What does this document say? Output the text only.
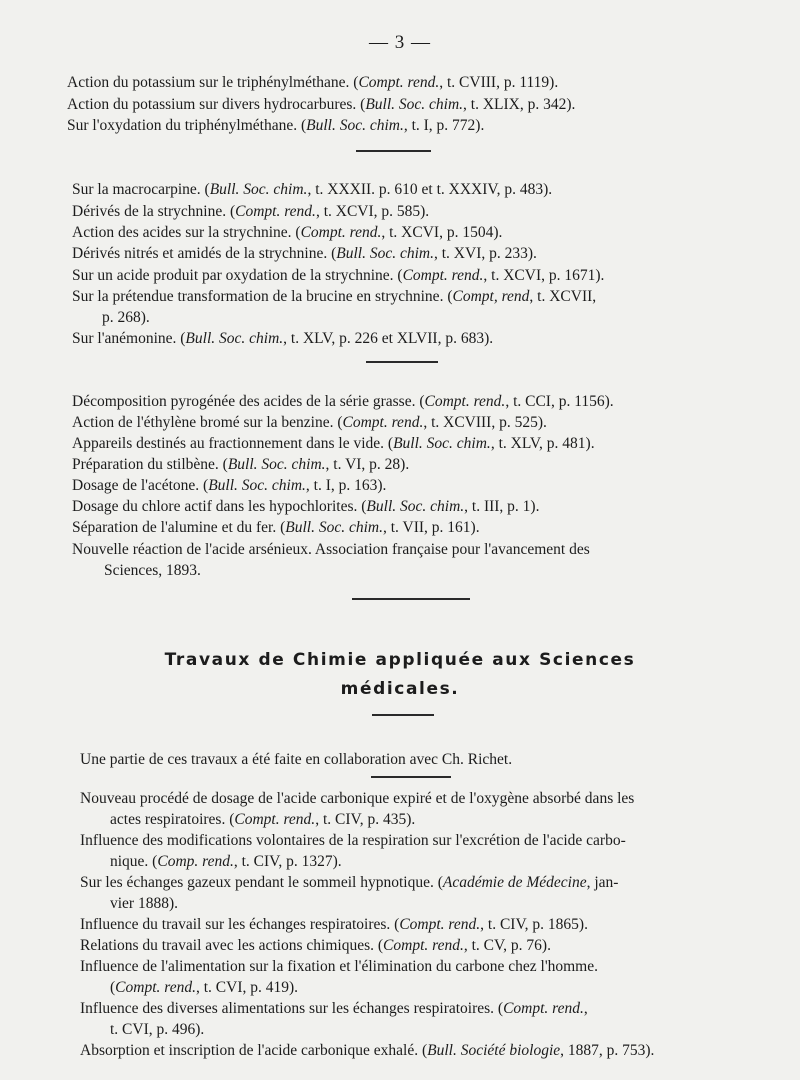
— 3 —
Action du potassium sur le triphénylméthane. (Compt. rend., t. CVIII, p. 1119).
Action du potassium sur divers hydrocarbures. (Bull. Soc. chim., t. XLIX, p. 342).
Sur l'oxydation du triphénylméthane. (Bull. Soc. chim., t. I, p. 772).
Sur la macrocarpine. (Bull. Soc. chim., t. XXXII. p. 610 et t. XXXIV, p. 483).
Dérivés de la strychnine. (Compt. rend., t. XCVI, p. 585).
Action des acides sur la strychnine. (Compt. rend., t. XCVI, p. 1504).
Dérivés nitrés et amidés de la strychnine. (Bull. Soc. chim., t. XVI, p. 233).
Sur un acide produit par oxydation de la strychnine. (Compt. rend., t. XCVI, p. 1671).
Sur la prétendue transformation de la brucine en strychnine. (Compt, rend, t. XCVII,
p. 268).
Sur l'anémonine. (Bull. Soc. chim., t. XLV, p. 226 et XLVII, p. 683).
Décomposition pyrogénée des acides de la série grasse. (Compt. rend., t. CCI, p. 1156).
Action de l'éthylène bromé sur la benzine. (Compt. rend., t. XCVIII, p. 525).
Appareils destinés au fractionnement dans le vide. (Bull. Soc. chim., t. XLV, p. 481).
Préparation du stilbène. (Bull. Soc. chim., t. VI, p. 28).
Dosage de l'acétone. (Bull. Soc. chim., t. I, p. 163).
Dosage du chlore actif dans les hypochlorites. (Bull. Soc. chim., t. III, p. 1).
Séparation de l'alumine et du fer. (Bull. Soc. chim., t. VII, p. 161).
Nouvelle réaction de l'acide arsénieux. Association française pour l'avancement des
Sciences, 1893.
Travaux de Chimie appliquée aux Sciences
médicales.
Une partie de ces travaux a été faite en collaboration avec Ch. Richet.
Nouveau procédé de dosage de l'acide carbonique expiré et de l'oxygène absorbé dans les
actes respiratoires. (Compt. rend., t. CIV, p. 435).
Influence des modifications volontaires de la respiration sur l'excrétion de l'acide carbo-
nique. (Comp. rend., t. CIV, p. 1327).
Sur les échanges gazeux pendant le sommeil hypnotique. (Académie de Médecine, jan-
vier 1888).
Influence du travail sur les échanges respiratoires. (Compt. rend., t. CIV, p. 1865).
Relations du travail avec les actions chimiques. (Compt. rend., t. CV, p. 76).
Influence de l'alimentation sur la fixation et l'élimination du carbone chez l'homme.
(Compt. rend., t. CVI, p. 419).
Influence des diverses alimentations sur les échanges respiratoires. (Compt. rend.,
t. CVI, p. 496).
Absorption et inscription de l'acide carbonique exhalé. (Bull. Société biologie, 1887, p. 753).
